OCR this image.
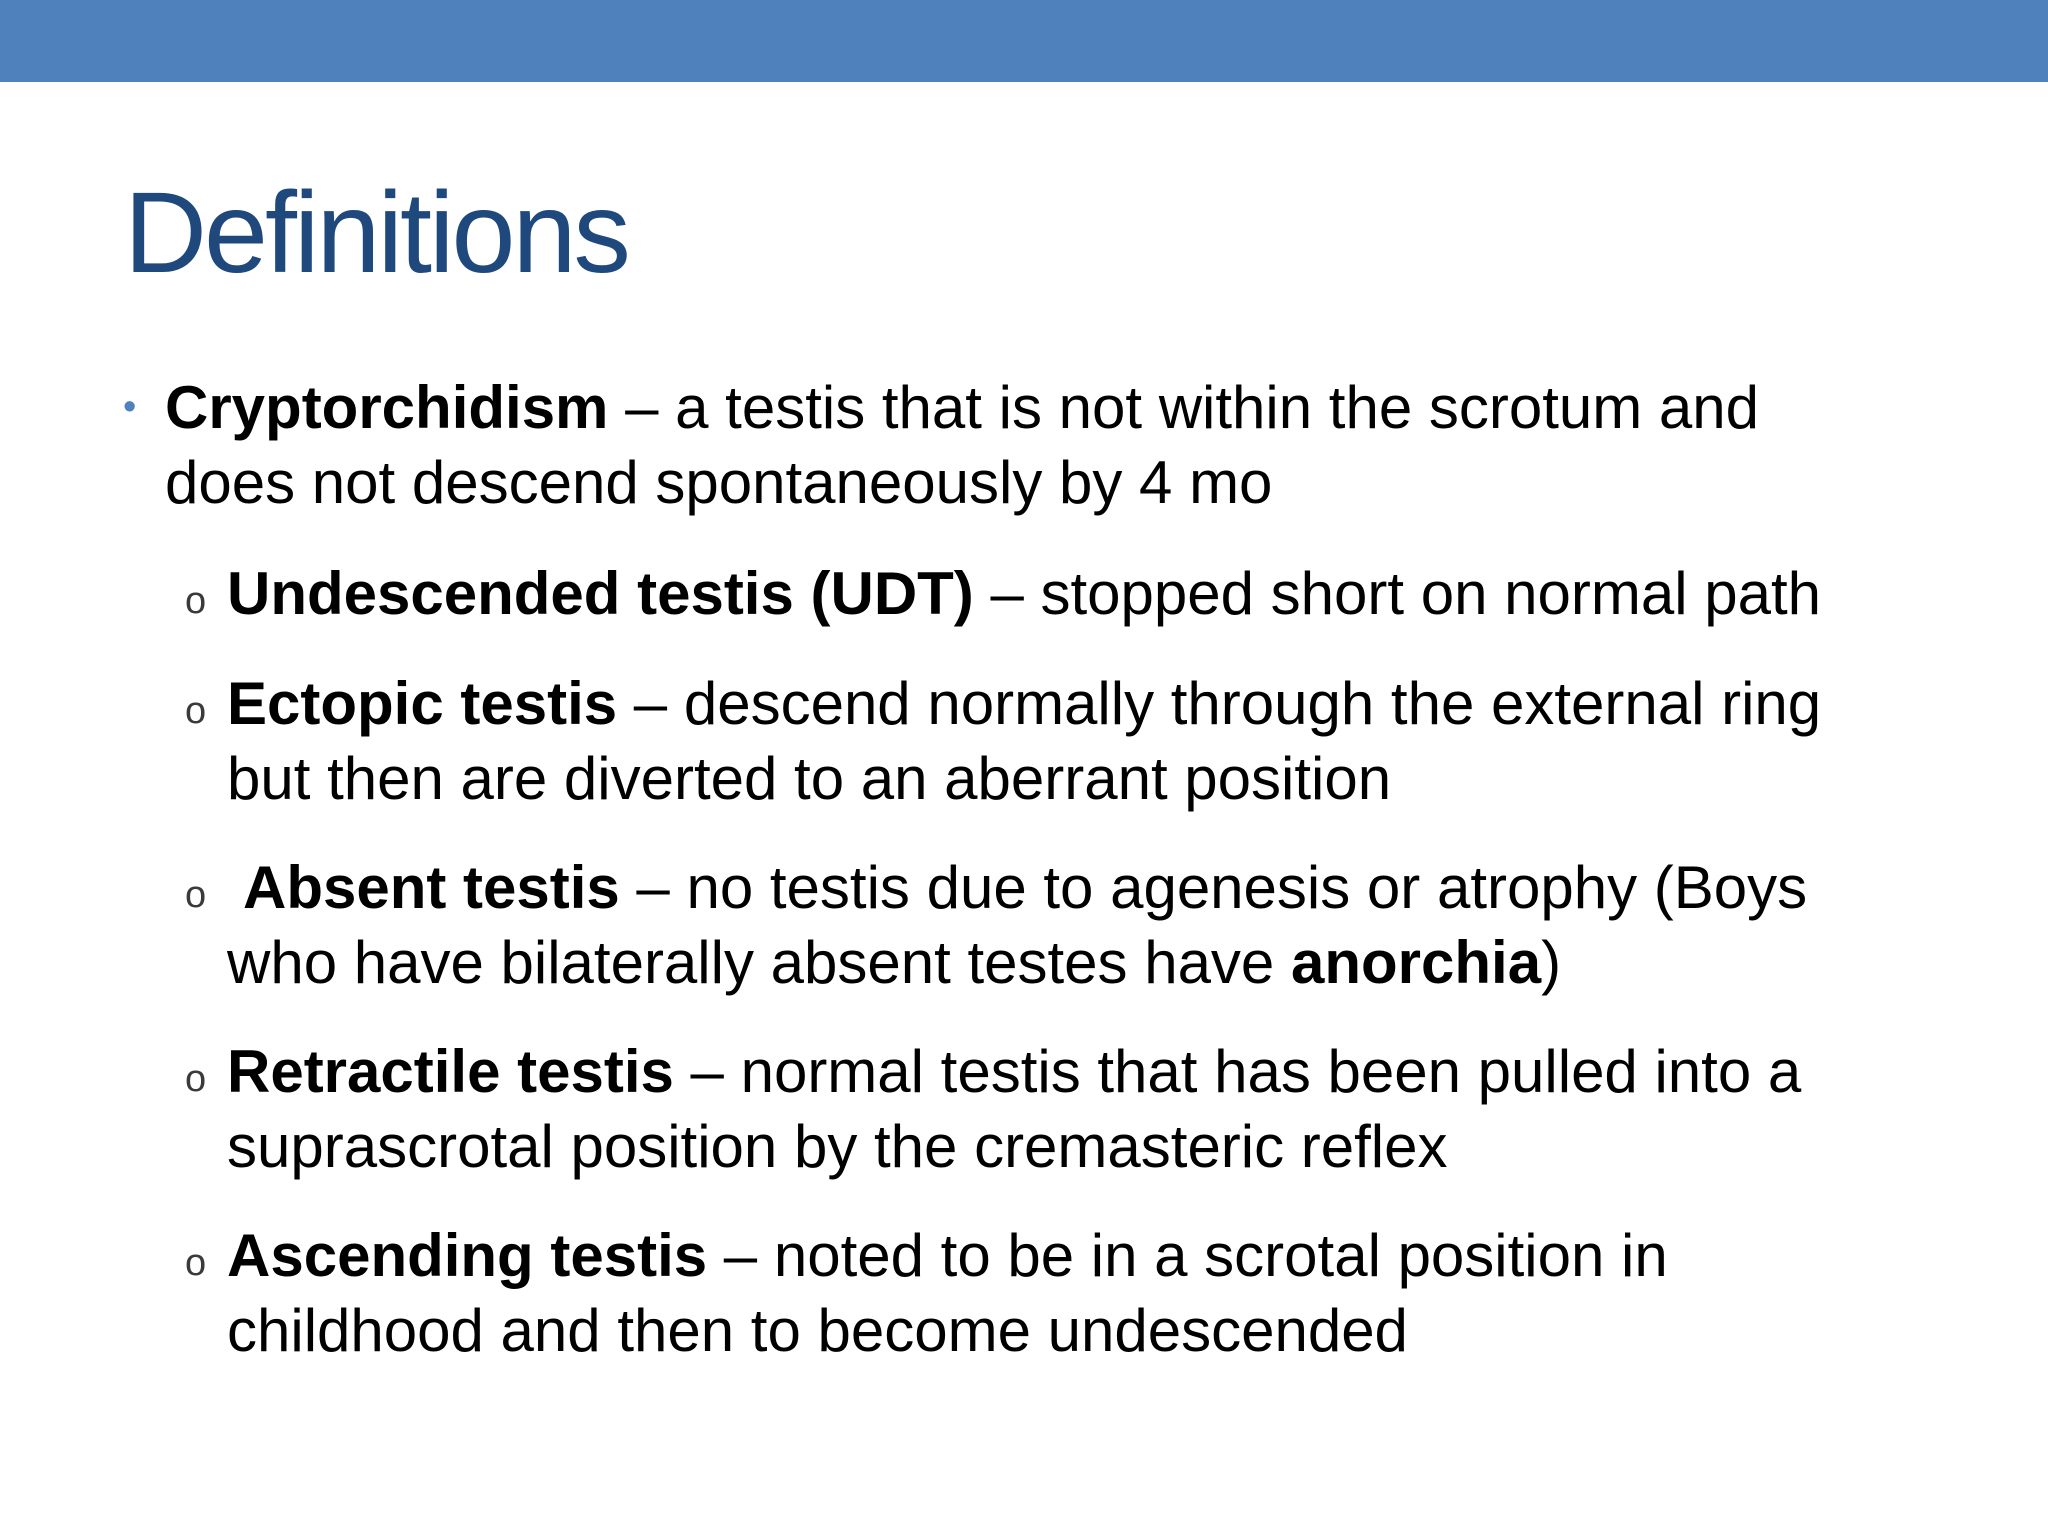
Definitions
• Cryptorchidism – a testis that is not within the scrotum and
does not descend spontaneously by 4 mo
o Undescended testis (UDT) – stopped short on normal path
o Ectopic testis – descend normally through the external ring
but then are diverted to an aberrant position
o Absent testis – no testis due to agenesis or atrophy (Boys
who have bilaterally absent testes have anorchia)
o Retractile testis – normal testis that has been pulled into a
suprascrotal position by the cremasteric reflex
o Ascending testis – noted to be in a scrotal position in
childhood and then to become undescended
